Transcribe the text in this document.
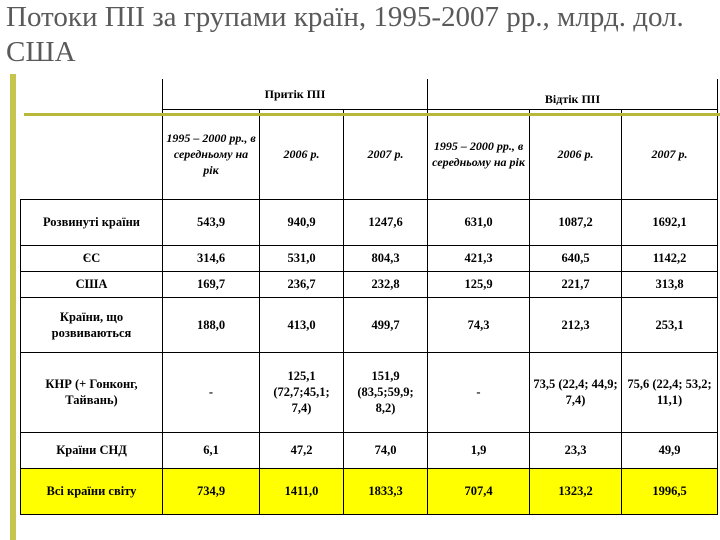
Потоки ПІІ за групами країн, 1995-2007 рр., млрд. дол. США
	Притік ПІІ			Відтік ПІІ		
	1995 – 2000 рр., в середньому на рік	2006 р.	2007 р.	1995 – 2000 рр., в середньому на рік	2006 р.	2007 р.
Розвинуті країни	543,9	940,9	1247,6	631,0	1087,2	1692,1
ЄС	314,6	531,0	804,3	421,3	640,5	1142,2
США	169,7	236,7	232,8	125,9	221,7	313,8
Країни, що розвиваються	188,0	413,0	499,7	74,3	212,3	253,1
КНР (+ Гонконг, Тайвань)	-	125,1 (72,7;45,1; 7,4)	151,9 (83,5;59,9; 8,2)	-	73,5 (22,4; 44,9; 7,4)	75,6 (22,4; 53,2; 11,1)
Країни СНД	6,1	47,2	74,0	1,9	23,3	49,9
Всі країни світу	734,9	1411,0	1833,3	707,4	1323,2	1996,5
